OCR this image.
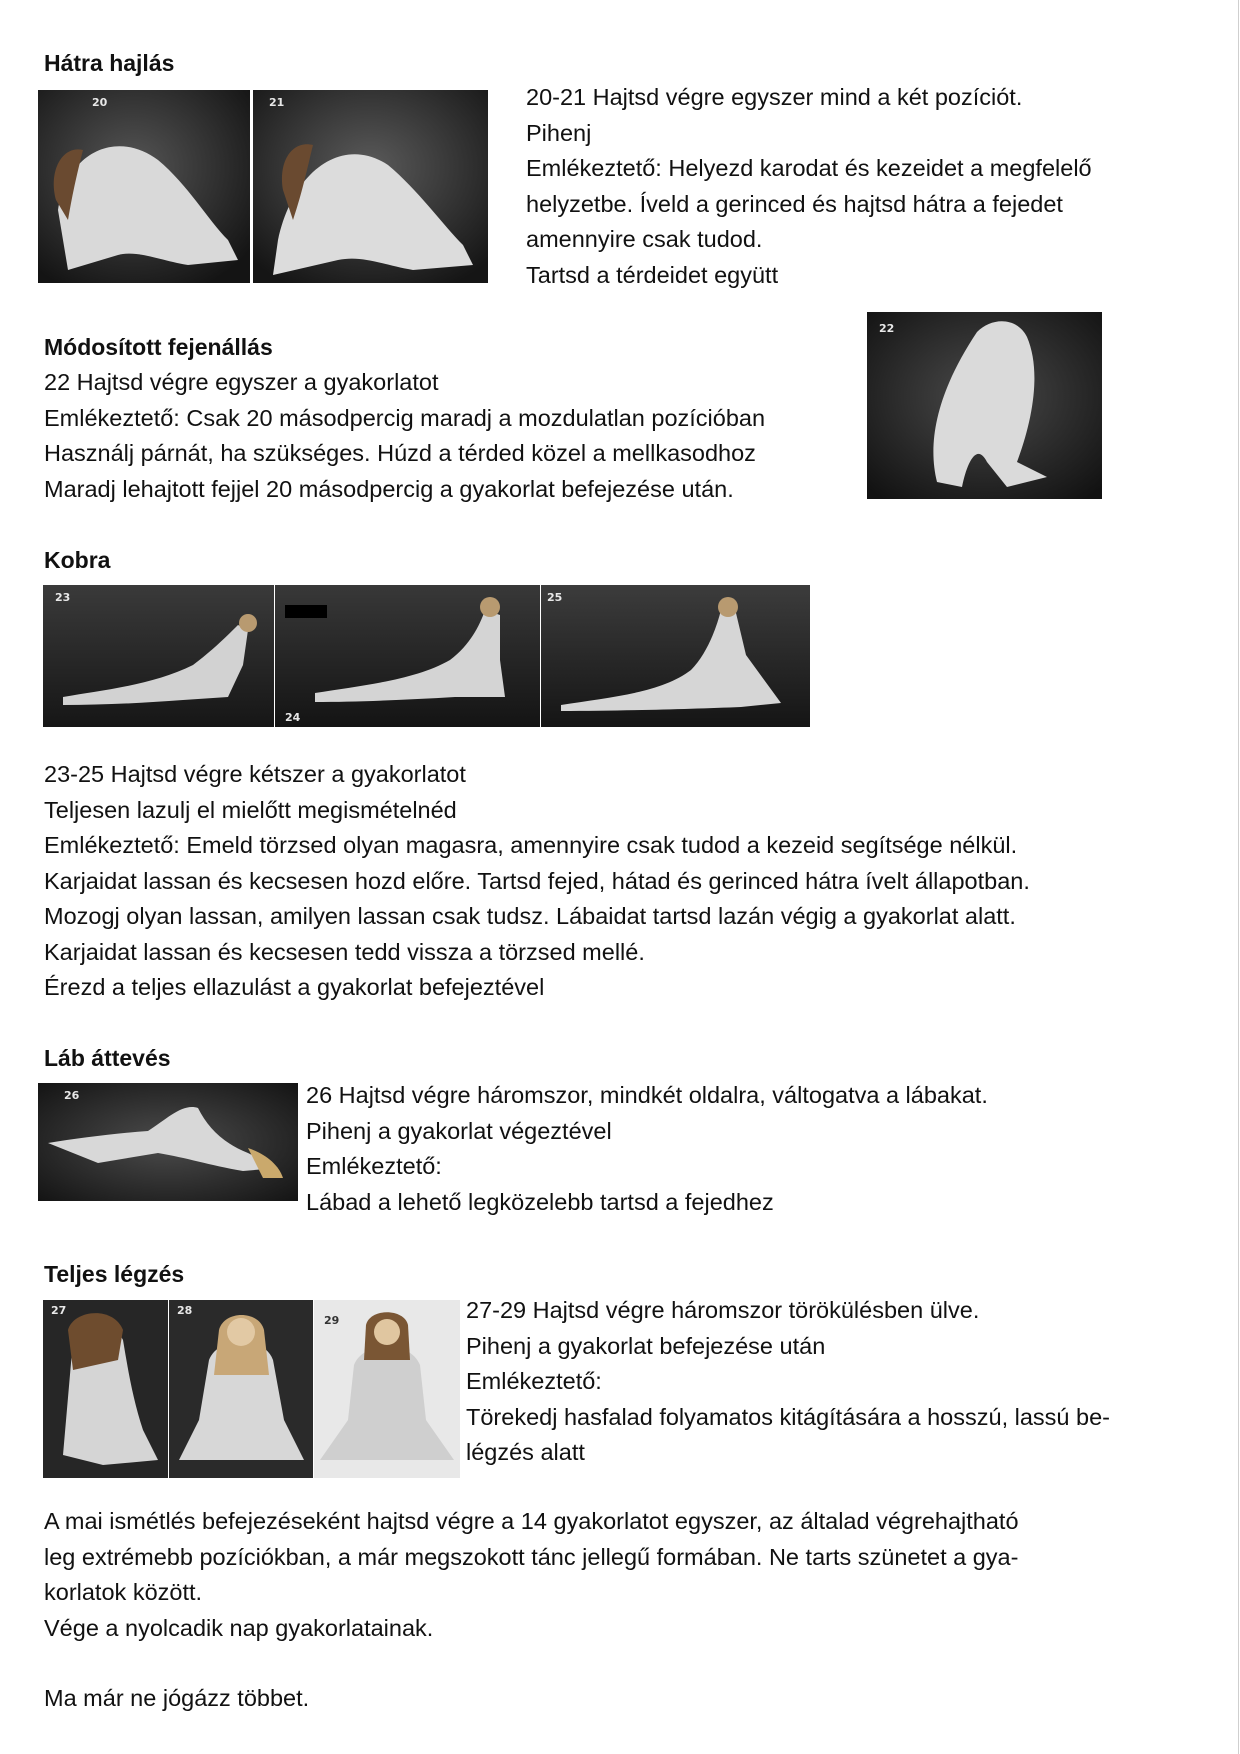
Hátra hajlás
20	21	20-21 Hajtsd végre egyszer mind a két pozíciót.
Pihenj
Emlékeztető: Helyezd karodat és kezeidet a megfelelő
helyzetbe. Íveld a gerinced és hajtsd hátra a fejedet
amennyire csak tudod.
Tartsd a térdeidet együtt
Módosított fejenállás
22 Hajtsd végre egyszer a gyakorlatot
Emlékeztető: Csak 20 másodpercig maradj a mozdulatlan pozícióban
Használj párnát, ha szükséges. Húzd a térded közel a mellkasodhoz
Maradj lehajtott fejjel 20 másodpercig a gyakorlat befejezése után.
22
Kobra
23
24
25
23-25 Hajtsd végre kétszer a gyakorlatot
Teljesen lazulj el mielőtt megismételnéd
Emlékeztető: Emeld törzsed olyan magasra, amennyire csak tudod a kezeid segítsége nélkül.
Karjaidat lassan és kecsesen hozd előre. Tartsd fejed, hátad és gerinced hátra ívelt állapotban.
Mozogj olyan lassan, amilyen lassan csak tudsz. Lábaidat tartsd lazán végig a gyakorlat alatt.
Karjaidat lassan és kecsesen tedd vissza a törzsed mellé.
Érezd a teljes ellazulást a gyakorlat befejeztével
Láb áttevés
26	26 Hajtsd végre háromszor, mindkét oldalra, váltogatva a lábakat.
Pihenj a gyakorlat végeztével
Emlékeztető:
Lábad a lehető legközelebb tartsd a fejedhez
Teljes légzés
27	28
29	27-29 Hajtsd végre háromszor törökülésben ülve.
Pihenj a gyakorlat befejezése után
Emlékeztető:
Törekedj hasfalad folyamatos kitágítására a hosszú, lassú be-
légzés alatt
A mai ismétlés befejezéseként hajtsd végre a 14 gyakorlatot egyszer, az általad végrehajtható
leg extrémebb pozíciókban, a már megszokott tánc jellegű formában. Ne tarts szünetet a gya-
korlatok között.
Vége a nyolcadik nap gyakorlatainak.
Ma már ne jógázz többet.
